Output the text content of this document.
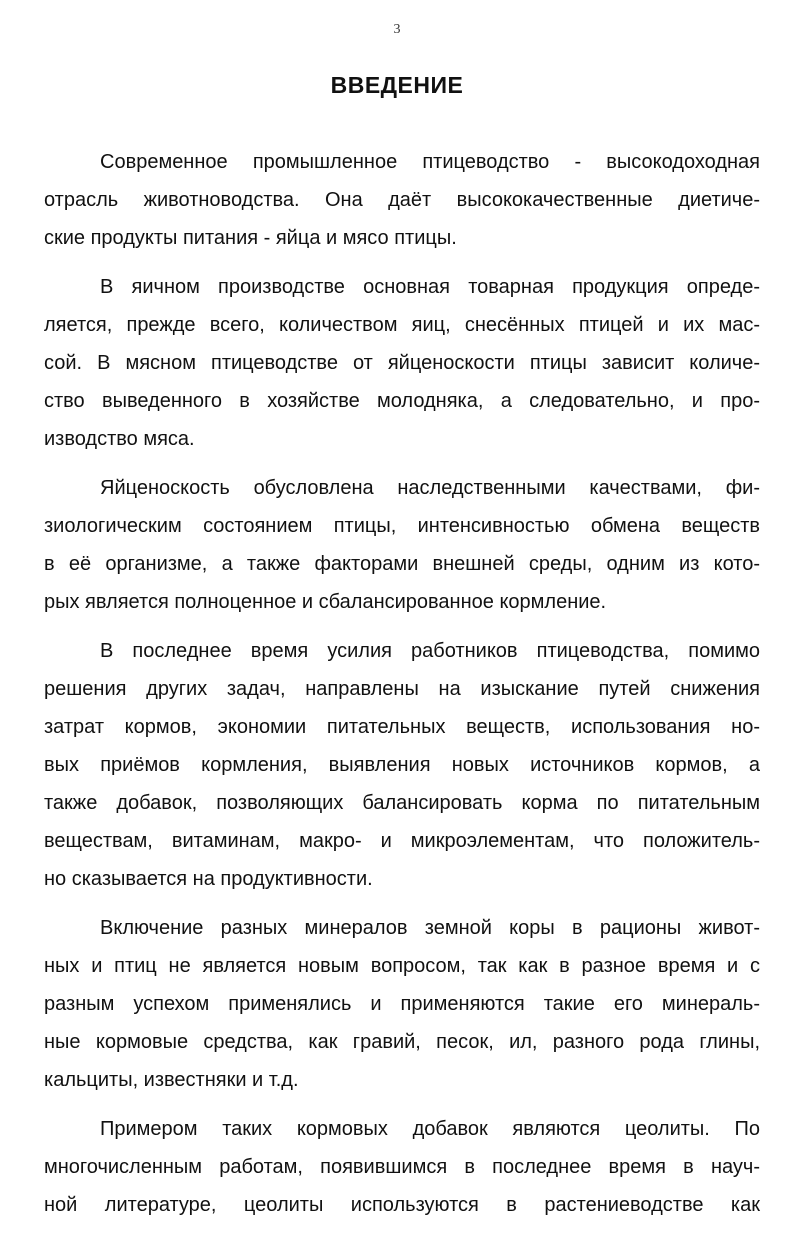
3
ВВЕДЕНИЕ
Современное промышленное птицеводство - высокодоходная
отрасль животноводства. Она даёт высококачественные диетиче-
ские продукты питания - яйца и мясо птицы.
В яичном производстве основная товарная продукция опреде-
ляется, прежде всего, количеством яиц, снесённых птицей и их мас-
сой. В мясном птицеводстве от яйценоскости птицы зависит количе-
ство выведенного в хозяйстве молодняка, а следовательно, и про-
изводство мяса.
Яйценоскость обусловлена наследственными качествами, фи-
зиологическим состоянием птицы, интенсивностью обмена веществ
в её организме, а также факторами внешней среды, одним из кото-
рых является полноценное и сбалансированное кормление.
В последнее время усилия работников птицеводства, помимо
решения других задач, направлены на изыскание путей снижения
затрат кормов, экономии питательных веществ, использования но-
вых приёмов кормления, выявления новых источников кормов, а
также добавок, позволяющих балансировать корма по питательным
веществам, витаминам, макро- и микроэлементам, что положитель-
но сказывается на продуктивности.
Включение разных минералов земной коры в рационы живот-
ных и птиц не является новым вопросом, так как в разное время и с
разным успехом применялись и применяются такие его минераль-
ные кормовые средства, как гравий, песок, ил, разного рода глины,
кальциты, известняки и т.д.
Примером таких кормовых добавок являются цеолиты. По
многочисленным работам, появившимся в последнее время в науч-
ной литературе, цеолиты используются в растениеводстве как
